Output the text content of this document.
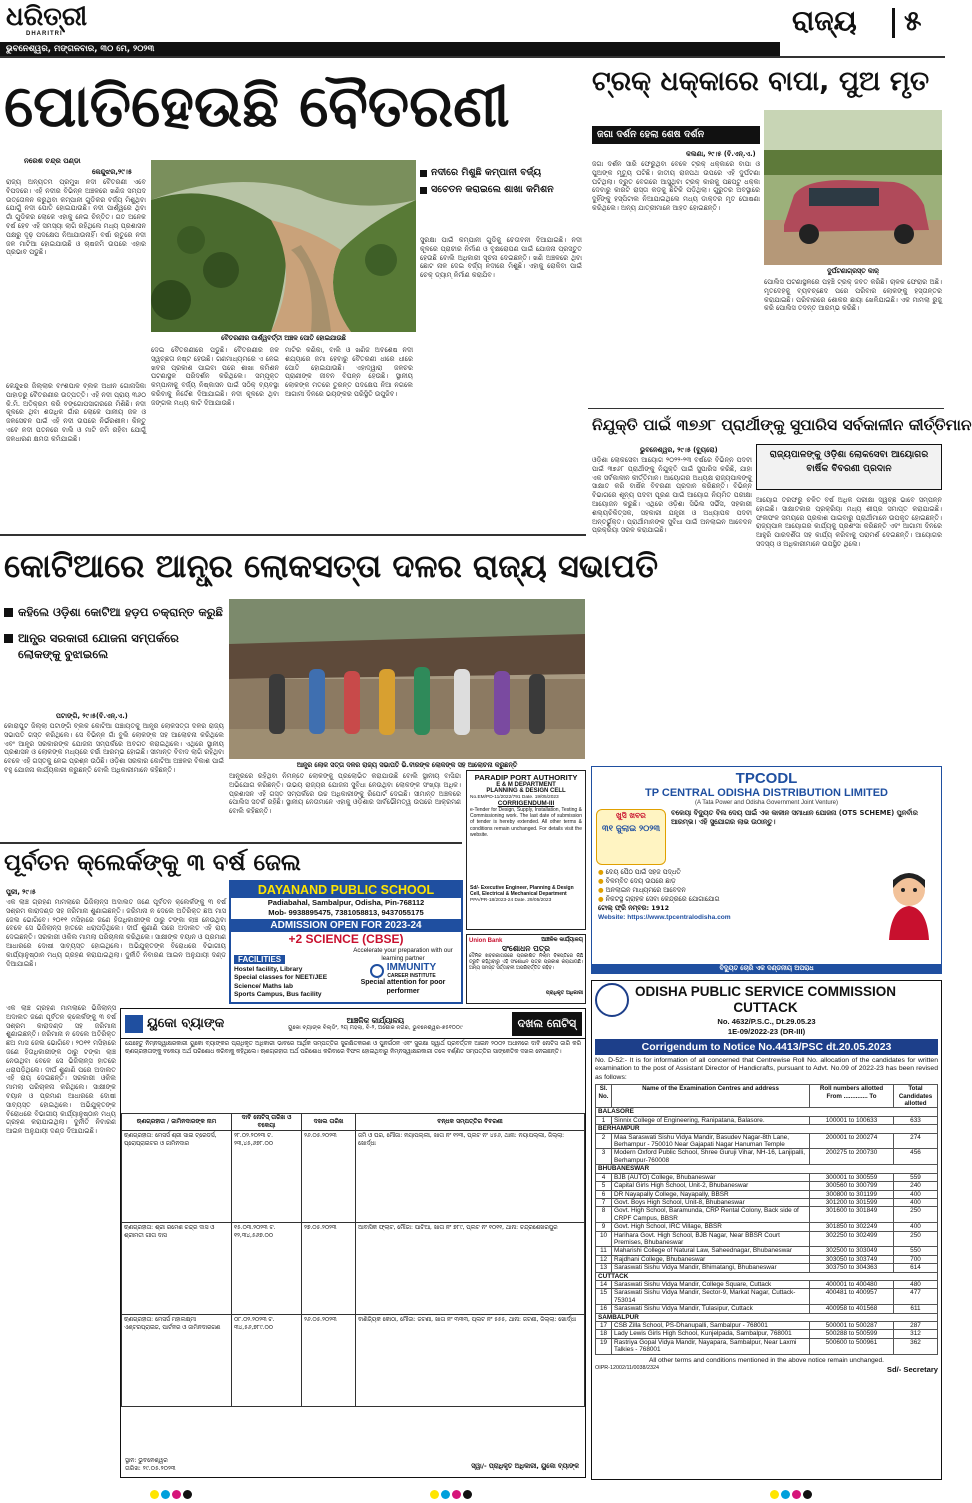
ଧରିତ୍ରୀ
DHARITRI	ରାଜ୍ୟ ୫
ଭୁବନେଶ୍ୱର, ମଙ୍ଗଳବାର, ୩୦ ମେ, ୨୦୨୩
ପୋତିହେଉଛି ବୈତରଣୀ
ନରେଶ ଚନ୍ଦ୍ର ପଣ୍ଡା
କେନ୍ଦୁଝର,୨୯।୫
ରାଜ୍ୟ ଅନ୍ୟତମ ପ୍ରମୁଖ ନଦୀ ବୈତରଣୀ ଏବେ ବିପଦରେ। ଏହି ନଦୀର ବିଭିନ୍ନ ଅଞ୍ଚଳରେ ଖଣିଜ ସମ୍ପଦ ଉତ୍ତୋଳନ କରୁଥିବା କମ୍ପାନୀ ଗୁଡିକର ବର୍ଜ୍ୟ ମିଶୁଥିବା ଯୋଗୁଁ ନଦୀ ପୋତି ହୋଇଯାଉଛି। ନଦୀ ପାର୍ଶ୍ୱରେ ଥିବା ଗାଁ ଗୁଡିକର ଲୋକେ ଏହାକୁ ନେଇ ଚିନ୍ତିତ। ଗତ ଅନେକ ବର୍ଷ ହେବ ଏହି ସମସ୍ୟା ଲାଗି ରହିଥିଲେ ମଧ୍ୟ ପ୍ରଶାସନ ପକ୍ଷରୁ ଦୃଢ଼ ପଦକ୍ଷେପ ନିଆଯାଉନାହିଁ। ବର୍ଷା ଋତୁରେ ନଦୀ ଜଳ ମାଟିଆ ହୋଇଯାଉଛି ଓ ଚାଷଜମି ଉପରେ ଏହାର ପ୍ରଭାବ ପଡୁଛି।
ବୈତରଣୀର ପାର୍ଶ୍ୱବର୍ତ୍ତୀ ଅଞ୍ଚଳ ପୋତି ହୋଇଯାଉଛି
ନଦୀରେ ମିଶୁଛି କମ୍ପାନୀ ବର୍ଜ୍ୟ
ସଚେତନ କରାଇଲେ ଶାଖା କମିଶନ
ସୁରକ୍ଷା ପାଇଁ କମ୍ପାନୀ ଗୁଡିକୁ ଚେତାବନୀ ଦିଆଯାଇଛି। ନଦୀ କୂଳରେ ପ୍ରାଚୀର ନିର୍ମାଣ ଓ ବୃକ୍ଷରୋପଣ ପାଇଁ ଯୋଜନା ପ୍ରସ୍ତୁତ ହେଉଛି ବୋଲି ଅଧିକାରୀ ସୂଚନା ଦେଇଛନ୍ତି। ଖଣି ଅଞ୍ଚଳରେ ଥିବା ଛୋଟ ନାଳ ଦେଇ ବର୍ଜ୍ୟ ନଦୀରେ ମିଶୁଛି। ଏହାକୁ ରୋକିବା ପାଇଁ ଚେକ୍ ଡ୍ୟାମ୍ ନିର୍ମାଣ କରାଯିବ।
କେନ୍ଦୁଝର ଜିଲ୍ଲାର ବାଂଶପାଳ ବ୍ଲକ ଅଧୀନ ଗୋନାସିକା ପାହାଡ଼ରୁ ବୈତରଣୀର ଉତ୍ପତ୍ତି। ଏହି ନଦୀ ପ୍ରାୟ ୩୬୦ କି.ମି. ଅତିକ୍ରମ କରି ବଙ୍ଗୋପସାଗରରେ ମିଶିଛି। ନଦୀ କୂଳରେ ଥିବା ଶତାଧିକ ଗାଁର ଲୋକେ ପାନୀୟ ଜଳ ଓ ଜଳସେଚନ ପାଇଁ ଏହି ନଦୀ ଉପରେ ନିର୍ଭରଶୀଳ। କିନ୍ତୁ ଏବେ ନଦୀ ପତନରେ ବାଲି ଓ ମାଟି ଜମି ରହିବା ଯୋଗୁଁ ଜଳଧାରଣ କ୍ଷମତା କମିଯାଇଛି।
ଦେଇ ବୈତରଣୀରେ ପଡୁଛି। ବୈତରଣୀର ଜଳ ସ୍ୱଚ୍ଛତା ନଷ୍ଟ ହେଉଛି। ଗଣମାଧ୍ୟମରେ ଏ ନେଇ ଖବର ପ୍ରକାଶ ପାଇବା ପରେ ଶାଖା କମିଶନ ଘଟଣାସ୍ଥଳ ପରିଦର୍ଶନ କରିଥିଲେ। ସମ୍ପୃକ୍ତ କମ୍ପାନୀକୁ ବର୍ଜ୍ୟ ନିଷ୍କାସନ ପାଇଁ ସଠିକ୍ ବ୍ୟବସ୍ଥା କରିବାକୁ ନିର୍ଦ୍ଦେଶ ଦିଆଯାଇଛି। ନଦୀ କୂଳରେ ଥିବା ଜଙ୍ଗଲ ମଧ୍ୟ କାଟି ଦିଆଯାଉଛି।
ମାଟିର କଣିକା, ବାଲି ଓ ଖଣିଜ ଅବଶେଷ ନଦୀ ଶଯ୍ୟାରେ ଜମା ହେବାରୁ ବୈତରଣୀ ଧୀରେ ଧୀରେ ପୋତି ହୋଇଯାଉଛି। ଏହାଦ୍ୱାରା ଜଳଚର ପ୍ରାଣୀଙ୍କ ଜୀବନ ବିପନ୍ନ ହେଉଛି। ସ୍ଥାନୀୟ ଲୋକଙ୍କ ମତରେ ତୁରନ୍ତ ପଦକ୍ଷେପ ନିଆ ନଗଲେ ଆଗାମୀ ଦିନରେ ଭୟଙ୍କର ପରିସ୍ଥିତି ଉପୁଜିବ।
ଟ୍ରକ୍ ଧକ୍କାରେ ବାପା, ପୁଅ ମୃତ
ଜଗା ଦର୍ଶନ ହେଲା ଶେଷ ଦର୍ଶନ
ଦୁର୍ଘଟଣାଗ୍ରସ୍ତ କାର୍
କଲଣା, ୨୯।୫ (ବି.ଏନ୍.ଏ.)
ଜଗା ଦର୍ଶନ ସାରି ଫେରୁଥିବା ବେଳେ ଟ୍ରକ୍ ଧକ୍କାରେ ବାପା ଓ ପୁଅଙ୍କ ମୃତ୍ୟୁ ଘଟିଛି। ଜାତୀୟ ରାଜପଥ ଉପରେ ଏହି ଦୁର୍ଘଟଣା ଘଟିଥିଲା। ଦ୍ରୁତ ବେଗରେ ଆସୁଥିବା ଟ୍ରକ୍ କାରକୁ ପଛପଟୁ ଧକ୍କା ଦେବାରୁ କାରଟି ରାସ୍ତା କଡ଼କୁ ଛିଟିକି ପଡ଼ିଥିଲା। ଗୁରୁତର ଅବସ୍ଥାରେ ଦୁହିଁଙ୍କୁ ହସ୍ପିଟାଲ ନିଆଯାଇଥିଲେ ମଧ୍ୟ ଡାକ୍ତର ମୃତ ଘୋଷଣା କରିଥିଲେ। ଅନ୍ୟ ଯାତ୍ରୀମାନେ ଆହତ ହୋଇଛନ୍ତି।
ପୋଲିସ ଘଟଣାସ୍ଥଳରେ ପହଞ୍ଚି ଟ୍ରକ୍ ଜବତ କରିଛି। ଚାଳକ ଫେରାର ଅଛି। ମୃତଦେହକୁ ବ୍ୟବଚ୍ଛେଦ ପରେ ପରିବାର ଲୋକଙ୍କୁ ହସ୍ତାନ୍ତର କରାଯାଇଛି। ପରିବାରରେ ଶୋକର ଛାୟା ଖେଳିଯାଇଛି। ଏକ ମାମଲା ରୁଜୁ କରି ପୋଲିସ ତଦନ୍ତ ଆରମ୍ଭ କରିଛି।
ନିଯୁକ୍ତି ପାଇଁ ୩୭୬୮ ପ୍ରାର୍ଥୀଙ୍କୁ ସୁପାରିସ ସର୍ବକାଳୀନ କୀର୍ତ୍ତିମାନ
ଭୁବନେଶ୍ୱର, ୨୯।୫ (ବ୍ୟୁରୋ)	ରାଜ୍ୟପାଳଙ୍କୁ ଓଡ଼ିଶା ଲୋକସେବା ଆୟୋଗର ବାର୍ଷିକ ବିବରଣୀ ପ୍ରଦାନ
ଓଡ଼ିଶା ଲୋକସେବା ଆୟୋଗ ୨୦୨୨-୨୩ ବର୍ଷରେ ବିଭିନ୍ନ ପଦବୀ ପାଇଁ ୩୭୬୮ ପ୍ରାର୍ଥୀଙ୍କୁ ନିଯୁକ୍ତି ପାଇଁ ସୁପାରିସ କରିଛି, ଯାହା ଏକ ସର୍ବକାଳୀନ କୀର୍ତ୍ତିମାନ। ଆୟୋଗର ଅଧ୍ୟକ୍ଷ ରାଜ୍ୟପାଳଙ୍କୁ ସାକ୍ଷାତ କରି ବାର୍ଷିକ ବିବରଣୀ ପ୍ରଦାନ କରିଛନ୍ତି। ବିଭିନ୍ନ ବିଭାଗରେ ଶୂନ୍ୟ ପଦବୀ ପୂରଣ ପାଇଁ ଆୟୋଗ ନିୟମିତ ପରୀକ୍ଷା ଆୟୋଜନ କରୁଛି। ଏଥିରେ ଓଡ଼ିଶା ସିଭିଲ ସର୍ଭିସ, ସହକାରୀ ଶଲ୍ୟଚିକିତ୍ସକ, ସହକାରୀ ଯନ୍ତ୍ରୀ ଓ ଅଧ୍ୟାପକ ପଦବୀ ଅନ୍ତର୍ଭୁକ୍ତ। ପ୍ରାର୍ଥୀମାନଙ୍କ ସୁବିଧା ପାଇଁ ଅନଲାଇନ ଆବେଦନ ପ୍ରକ୍ରିୟା ସରଳ କରାଯାଇଛି।
ଆୟୋଗ ତରଫରୁ ଚଳିତ ବର୍ଷ ଅଧିକ ପରୀକ୍ଷା ସ୍ୱଚ୍ଛ ଭାବେ ସମ୍ପନ୍ନ ହୋଇଛି। ସାକ୍ଷାତକାର ପ୍ରକ୍ରିୟା ମଧ୍ୟ ଶୀଘ୍ର ସମାପ୍ତ କରାଯାଇଛି। ଫଳାଫଳ ସମୟରେ ପ୍ରକାଶ ପାଇବାରୁ ପ୍ରାର୍ଥୀମାନେ ଉପକୃତ ହୋଇଛନ୍ତି। ରାଜ୍ୟପାଳ ଆୟୋଗର କାର୍ଯ୍ୟକୁ ପ୍ରଶଂସା କରିଛନ୍ତି ଏବଂ ଆଗାମୀ ଦିନରେ ଆହୁରି ପାରଦର୍ଶିତା ସହ କାର୍ଯ୍ୟ କରିବାକୁ ପରାମର୍ଶ ଦେଇଛନ୍ତି। ଆୟୋଗର ସଦସ୍ୟ ଓ ଅଧିକାରୀମାନେ ଉପସ୍ଥିତ ଥିଲେ।
କୋଟିଆରେ ଆନ୍ଧ୍ର ଲୋକସତ୍ତା ଦଳର ରାଜ୍ୟ ସଭାପତି
କହିଲେ ଓଡ଼ିଶା କୋଟିଆ ହଡ଼ପ ଚକ୍ରାନ୍ତ କରୁଛି
ଆନ୍ଧ୍ର ସରକାରୀ ଯୋଜନା ସମ୍ପର୍କରେ ଲୋକଙ୍କୁ ବୁଝାଇଲେ
ପଟାଙ୍ଗି, ୨୯।୫(ବି.ଏନ୍.ଏ.)
କୋରାପୁଟ ଜିଲ୍ଲା ପଟାଙ୍ଗି ବ୍ଲକ କୋଟିଆ ପଞ୍ଚାୟତକୁ ଆନ୍ଧ୍ର ଲୋକସତ୍ତା ଦଳର ରାଜ୍ୟ ସଭାପତି ଗସ୍ତ କରିଥିଲେ। ସେ ବିଭିନ୍ନ ଗାଁ ବୁଲି ଲୋକଙ୍କ ସହ ଆଲୋଚନା କରିଥିଲେ ଏବଂ ଆନ୍ଧ୍ର ସରକାରଙ୍କ ଯୋଜନା ସମ୍ପର୍କରେ ଅବଗତ କରାଇଥିଲେ। ଏଥିରେ ସ୍ଥାନୀୟ ପ୍ରଶାସନ ଓ ଲୋକଙ୍କ ମଧ୍ୟରେ ଚର୍ଚ୍ଚା ଆରମ୍ଭ ହୋଇଛି। ସୀମାନ୍ତ ବିବାଦ ଲାଗି ରହିଥିବା ବେଳେ ଏହି ଗସ୍ତକୁ ନେଇ ପ୍ରଶ୍ନ ଉଠିଛି। ଓଡ଼ିଶା ସରକାର କୋଟିଆ ଅଞ୍ଚଳର ବିକାଶ ପାଇଁ ବହୁ ଯୋଜନା କାର୍ଯ୍ୟକାରୀ କରୁଛନ୍ତି ବୋଲି ଅଧିକାରୀମାନେ କହିଛନ୍ତି।
ଆନ୍ଧ୍ର ଲୋକ ସତ୍ତା ଦଳର ରାଜ୍ୟ ସଭାପତି ଭି.ବୀରଙ୍କ ଲୋକଙ୍କ ସହ ଆଲୋଚନା କରୁଛନ୍ତି
ଆନ୍ଧ୍ରରେ ରହିଥିବା ନିମନ୍ତେ ଲୋକଙ୍କୁ ପ୍ରଲୋଭିତ କରାଯାଉଛି ବୋଲି ସ୍ଥାନୀୟ ବାସିନ୍ଦା ଅଭିଯୋଗ କରିଛନ୍ତି। ଉଭୟ ରାଜ୍ୟର ଯୋଜନା ସୁବିଧା ନେଉଥିବା ଲୋକଙ୍କ ସଂଖ୍ୟା ଅଧିକ। ପ୍ରଶାସନ ଏହି ଗସ୍ତ ସମ୍ପର୍କରେ ଉଚ୍ଚ ଅଧିକାରୀଙ୍କୁ ରିପୋର୍ଟ ଦେଇଛି। ସୀମାନ୍ତ ଅଞ୍ଚଳରେ ପୋଲିସ ସତର୍କ ରହିଛି। ସ୍ଥାନୀୟ ନେତାମାନେ ଏହାକୁ ଓଡ଼ିଶାର ସାର୍ବଭୌମତ୍ୱ ଉପରେ ଆକ୍ରମଣ ବୋଲି କହିଛନ୍ତି।
PARADIP PORT AUTHORITY
E & M DEPARTMENT
PLANNING & DESIGN CELL
No.EM/PD-11/2022/791 Date. 19/05/2023
CORRIGENDUM-III
e-Tender for Design, Supply, Installation, Testing & Commissioning work. The last date of submission of tender is hereby extended. All other terms & conditions remain unchanged. For details visit the website.
Sd/- Executive Engineer, Planning & Design Cell, Electrical & Mechanical Department
PPA/PR-18/2023-24 Date. 29/05/2023
ପୂର୍ବତନ କ୍ଲେର୍କଙ୍କୁ ୩ ବର୍ଷ ଜେଲ
ପୁରୀ, ୨୯।୫
ଏକ ଲାଞ୍ଚ ଗ୍ରହଣ ମାମଲାରେ ଭିଜିଲାନ୍ସ ଅଦାଲତ ଜଣେ ପୂର୍ବତନ କ୍ଲେର୍କଙ୍କୁ ୩ ବର୍ଷ ସଶ୍ରମ କାରାଦଣ୍ଡ ସହ ଜରିମାନା ଶୁଣାଇଛନ୍ତି। ଜରିମାନା ନ ଦେଲେ ଅତିରିକ୍ତ ଛଅ ମାସ ଜେଲ ଭୋଗିବେ। ୨୦୧୧ ମସିହାରେ ଜଣେ ହିତାଧିକାରୀଙ୍କ ଠାରୁ ଟଙ୍କା ଲାଞ୍ଚ ନେଉଥିବା ବେଳେ ସେ ଭିଜିଲାନ୍ସ ହାତରେ ଧରାପଡ଼ିଥିଲେ। ଦୀର୍ଘ ଶୁଣାଣି ପରେ ଅଦାଲତ ଏହି ରାୟ ଦେଇଛନ୍ତି। ସରକାରୀ ଓକିଲ ମାମଲା ପରିଚାଳନା କରିଥିଲେ। ସାକ୍ଷୀଙ୍କ ବୟାନ ଓ ପ୍ରମାଣ ଆଧାରରେ ଦୋଷୀ ସାବ୍ୟସ୍ତ ହୋଇଥିଲେ। ଅଭିଯୁକ୍ତଙ୍କ ବିରୋଧରେ ବିଭାଗୀୟ କାର୍ଯ୍ୟାନୁଷ୍ଠାନ ମଧ୍ୟ ଗ୍ରହଣ କରାଯାଇଥିଲା। ଦୁର୍ନୀତି ନିବାରଣ ଆଇନ ଅନୁଯାୟୀ ଦଣ୍ଡ ଦିଆଯାଇଛି।
ଏକ ଲାଞ୍ଚ ଗ୍ରହଣ ମାମଲାରେ ଭିଜିଲାନ୍ସ ଅଦାଲତ ଜଣେ ପୂର୍ବତନ କ୍ଲେର୍କଙ୍କୁ ୩ ବର୍ଷ ସଶ୍ରମ କାରାଦଣ୍ଡ ସହ ଜରିମାନା ଶୁଣାଇଛନ୍ତି। ଜରିମାନା ନ ଦେଲେ ଅତିରିକ୍ତ ଛଅ ମାସ ଜେଲ ଭୋଗିବେ। ୨୦୧୧ ମସିହାରେ ଜଣେ ହିତାଧିକାରୀଙ୍କ ଠାରୁ ଟଙ୍କା ଲାଞ୍ଚ ନେଉଥିବା ବେଳେ ସେ ଭିଜିଲାନ୍ସ ହାତରେ ଧରାପଡ଼ିଥିଲେ। ଦୀର୍ଘ ଶୁଣାଣି ପରେ ଅଦାଲତ ଏହି ରାୟ ଦେଇଛନ୍ତି। ସରକାରୀ ଓକିଲ ମାମଲା ପରିଚାଳନା କରିଥିଲେ। ସାକ୍ଷୀଙ୍କ ବୟାନ ଓ ପ୍ରମାଣ ଆଧାରରେ ଦୋଷୀ ସାବ୍ୟସ୍ତ ହୋଇଥିଲେ। ଅଭିଯୁକ୍ତଙ୍କ ବିରୋଧରେ ବିଭାଗୀୟ କାର୍ଯ୍ୟାନୁଷ୍ଠାନ ମଧ୍ୟ ଗ୍ରହଣ କରାଯାଇଥିଲା। ଦୁର୍ନୀତି ନିବାରଣ ଆଇନ ଅନୁଯାୟୀ ଦଣ୍ଡ ଦିଆଯାଇଛି।
DAYANAND PUBLIC SCHOOL
Padiabahal, Sambalpur, Odisha, Pin-768112
Mob- 9938895475, 7381058813, 9437055175
ADMISSION OPEN FOR 2023-24
+2 SCIENCE (CBSE)
FACILITIES
Hostel facility, Library
Special classes for NEET/JEE
Science/ Maths lab
Sports Campus, Bus facility
Accelerate your preparation with our learning partner
IMMUNITY
CAREER INSTITUTE
Special attention for poor performer
Union Bank	ଆଞ୍ଚଳିକ କାର୍ଯ୍ୟାଳୟ
ସଂଶୋଧନ ପତ୍ର
ଦୈନିକ ଖବରକାଗଜରେ ପ୍ରକାଶିତ ନିଲାମ ବିଜ୍ଞପ୍ତିରେ କିଛି ତ୍ରୁଟି ରହିଥିବାରୁ ଏହି ସଂଶୋଧନ ପତ୍ର ପ୍ରକାଶ କରାଯାଉଛି। ଅନ୍ୟ ସମସ୍ତ ସର୍ତ୍ତାବଳୀ ଅପରିବର୍ତ୍ତିତ ରହିବ।
ପ୍ରାଧିକୃତ ଅଧିକାରୀ
TPCODL
TP CENTRAL ODISHA DISTRIBUTION LIMITED
(A Tata Power and Odisha Government Joint Venture)
ଖୁସି ଖବର
୩୧ ଜୁଲାଇ ୨୦୨୩
ବକେୟା ବିଦ୍ୟୁତ ବିଲ ଦେୟ ପାଇଁ ଏକ କାଳୀନ ସମାଧାନ ଯୋଜନା (OTS SCHEME) ପୁନର୍ବାର ଆରମ୍ଭ। ଏହି ସୁଯୋଗର ଲାଭ ଉଠାନ୍ତୁ।
● ଦେୟ ପୈଠ ପାଇଁ ସହଜ ପଦ୍ଧତି
● ବିଳମ୍ବିତ ଦେୟ ଉପରେ ଛାଡ଼
● ଅନଲାଇନ ମାଧ୍ୟମରେ ଆବେଦନ
● ନିକଟସ୍ଥ ଗ୍ରାହକ ସେବା କେନ୍ଦ୍ରରେ ଯୋଗାଯୋଗ
ଟୋଲ୍ ଫ୍ରି ନମ୍ବର: 1912
Website: https://www.tpcentralodisha.com
ବିଦ୍ୟୁତ ଚୋରି ଏକ ଦଣ୍ଡନୀୟ ଅପରାଧ
ODISHA PUBLIC SERVICE COMMISSION
CUTTACK
No. 4632/P.S.C., Dt.29.05.23
1E-09/2022-23 (DR-III)
Corrigendum to Notice No.4413/PSC dt.20.05.2023
No. D-52:- It is for information of all concerned that Centrewise Roll No. allocation of the candidates for written examination to the post of Assistant Director of Handicrafts, pursuant to Advt. No.09 of 2022-23 has been revised as follows:
Sl. No.	Name of the Examination Centres and address	Roll numbers allotted From .............. To	Total Candidates allotted
BALASORE			
1	Sinnix College of Engineering, Ranipatana, Balasore.	100001 to 100633	633
BERHAMPUR			
2	Maa Saraswati Sishu Vidya Mandir, Basudev Nagar-8th Lane, Berhampur - 750010 Near Gajapati Nagar Hanuman Temple	200001 to 200274	274
3	Modern Oxford Public School, Shree Guruji Vihar, NH-16, Lanjipalli, Berhampur-760008	200275 to 200730	456
BHUBANESWAR			
4	BJB (AUTO) College, Bhubaneswar	300001 to 300559	559
5	Capital Girls High School, Unit-2, Bhubaneswar	300560 to 300799	240
6	DR Nayapally College, Nayapally, BBSR	300800 to 301199	400
7	Govt. Boys High School, Unit-8, Bhubaneswar	301200 to 301599	400
8	Govt. High School, Baramunda, CRP Rental Colony, Back side of CRPF Campus, BBSR	301600 to 301849	250
9	Govt. High School, IRC Village, BBSR	301850 to 302249	400
10	Harihara Govt. High School, BJB Nagar, Near BBSR Court Premises, Bhubaneswar	302250 to 302499	250
11	Maharishi College of Natural Law, Saheednagar, Bhubaneswar	302500 to 303049	550
12	Rajdhani College, Bhubaneswar	303050 to 303749	700
13	Saraswati Sishu Vidya Mandir, Bhimatangi, Bhubaneswar	303750 to 304363	614
CUTTACK			
14	Saraswati Sishu Vidya Mandir, College Square, Cuttack	400001 to 400480	480
15	Saraswati Sishu Vidya Mandir, Sector-9, Markat Nagar, Cuttack-753014	400481 to 400957	477
16	Saraswati Sishu Vidya Mandir, Tulasipur, Cuttack	400958 to 401568	611
SAMBALPUR			
17	CSB Zilla School, PS-Dhanupalli, Sambalpur - 768001	500001 to 500287	287
18	Lady Lewis Girls High School, Kunjelpada, Sambalpur, 768001	500288 to 500599	312
19	Rastriya Gopal Vidya Mandir, Nayapara, Sambalpur, Near Laxmi Talkies - 768001	500600 to 500961	362
All other terms and conditions mentioned in the above notice remain unchanged.
OIPR-12002/11/0038/2324	Sd/- Secretary
ୟୁକୋ ବ୍ୟାଙ୍କ	ଆଞ୍ଚଳିକ କାର୍ଯ୍ୟାଳୟ
ୟୁକୋ ବ୍ୟାଙ୍କ ବିଲ୍ଡିଂ, ୨ୟ ମହଲା, ବି-୨, ଅଶୋକ ନଗର, ଭୁବନେଶ୍ୱର-୭୫୧୦୦୯	ଦଖଲ ନୋଟିସ୍
ଯେହେତୁ ନିମ୍ନସ୍ୱାକ୍ଷରକାରୀ ୟୁକୋ ବ୍ୟାଙ୍କର ପ୍ରାଧିକୃତ ଅଧିକାରୀ ଭାବରେ ଆର୍ଥିକ ସମ୍ପତ୍ତିର ସୁରକ୍ଷିତକରଣ ଓ ପୁନର୍ଗଠନ ଏବଂ ସୁରକ୍ଷା ସ୍ୱାର୍ଥ ପ୍ରବର୍ତ୍ତନ ଆଇନ ୨୦୦୨ ଅଧୀନରେ ଦାବି ନୋଟିସ ଜାରି କରି ଋଣଗ୍ରହୀତାଙ୍କୁ ବକେୟା ଅର୍ଥ ପରିଶୋଧ କରିବାକୁ କହିଥିଲେ। ଋଣଗ୍ରହୀତା ଅର୍ଥ ପରିଶୋଧ କରିବାରେ ବିଫଳ ହୋଇଥିବାରୁ ନିମ୍ନସ୍ୱାକ୍ଷରକାରୀ ତଳେ ବର୍ଣ୍ଣିତ ସମ୍ପତ୍ତିର ସାଙ୍କେତିକ ଦଖଲ ନେଇଛନ୍ତି।
ଋଣଗ୍ରହୀତା / ଜାମିନଦାରଙ୍କ ନାମ	ଦାବି ନୋଟିସ୍ ତାରିଖ ଓ ବକେୟା	ଦଖଲ ତାରିଖ	ବନ୍ଧକ ସମ୍ପତ୍ତିର ବିବରଣୀ
ଋଣଗ୍ରହୀତା: ମେସର୍ସ ଶ୍ରୀ ସାଇ ଟ୍ରେଡର୍ସ, ପ୍ରୋପ୍ରାଇଟର ଓ ଜାମିନଦାର	୨୮.୦୨.୨୦୨୩ ଟ. ୨୩,୪୫,୬୭୮.୦୦	୨୬.୦୫.୨୦୨୩	ଜମି ଓ ଘର, ମୌଜା: ନୟାପଲ୍ଲୀ, ଖାତା ନଂ ୧୨୩, ପ୍ଲଟ ନଂ ୪୫୬, ଥାନା: ନୟାପଲ୍ଲୀ, ଜିଲ୍ଲା: ଖୋର୍ଦ୍ଧା
ଋଣଗ୍ରହୀତା: ଶ୍ରୀ ରମେଶ ଚନ୍ଦ୍ର ଦାସ ଓ ଶ୍ରୀମତୀ ଗୀତା ଦାସ	୧୫.୦୩.୨୦୨୩ ଟ. ୧୨,୩୪,୫୬୭.୦୦	୨୭.୦୫.୨୦୨୩	ଆବାସିକ ଫ୍ଲାଟ, ମୌଜା: ପାଟିଆ, ଖାତା ନଂ ୭୮୯, ପ୍ଲଟ ନଂ ୧୦୧୧, ଥାନା: ଚନ୍ଦ୍ରଶେଖରପୁର
ଋଣଗ୍ରହୀତା: ମେସର୍ସ ମହାଲକ୍ଷ୍ମୀ ଏଣ୍ଟରପ୍ରାଇଜ, ପାର୍ଟନର ଓ ଜାମିନଦାରଗଣ	୦୮.୦୨.୨୦୨୩ ଟ. ୩୪,୫୬,୭୮୯.୦୦	୨୬.୦୫.୨୦୨୩	ବାଣିଜ୍ୟିକ କୋଠା, ମୌଜା: ଜଟଣୀ, ଖାତା ନଂ ୩୩୩, ପ୍ଲଟ ନଂ ୫୫୫, ଥାନା: ଜଟଣୀ, ଜିଲ୍ଲା: ଖୋର୍ଦ୍ଧା
ସ୍ଥାନ: ଭୁବନେଶ୍ୱର
ତାରିଖ: ୨୯.୦୫.୨୦୨୩	ସ୍ୱା/- ପ୍ରାଧିକୃତ ଅଧିକାରୀ, ୟୁକୋ ବ୍ୟାଙ୍କ
